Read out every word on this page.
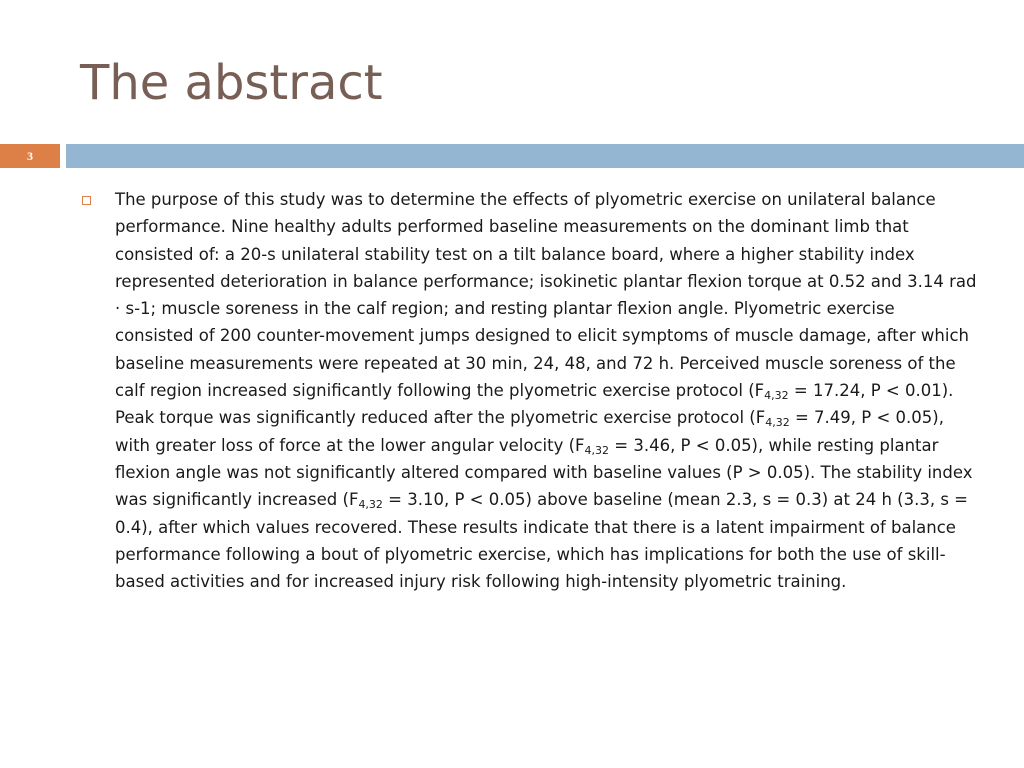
The abstract
3

The purpose of this study was to determine the effects of plyometric exercise on unilateral balance performance. Nine healthy adults performed baseline measurements on the dominant limb that consisted of: a 20-s unilateral stability test on a tilt balance board, where a higher stability index represented deterioration in balance performance; isokinetic plantar flexion torque at 0.52 and 3.14 rad · s-1; muscle soreness in the calf region; and resting plantar flexion angle. Plyometric exercise consisted of 200 counter-movement jumps designed to elicit symptoms of muscle damage, after which baseline measurements were repeated at 30 min, 24, 48, and 72 h. Perceived muscle soreness of the calf region increased significantly following the plyometric exercise protocol ($F_{4,32} = 17.24$, P < 0.01). Peak torque was significantly reduced after the plyometric exercise protocol ($F_{4,32} = 7.49$, P < 0.05), with greater loss of force at the lower angular velocity ($F_{4,32} = 3.46$, P < 0.05), while resting plantar flexion angle was not significantly altered compared with baseline values (P > 0.05). The stability index was significantly increased ($F_{4,32} = 3.10$, P < 0.05) above baseline (mean 2.3, s = 0.3) at 24 h (3.3, s = 0.4), after which values recovered. These results indicate that there is a latent impairment of balance performance following a bout of plyometric exercise, which has implications for both the use of skill-based activities and for increased injury risk following high-intensity plyometric training.
